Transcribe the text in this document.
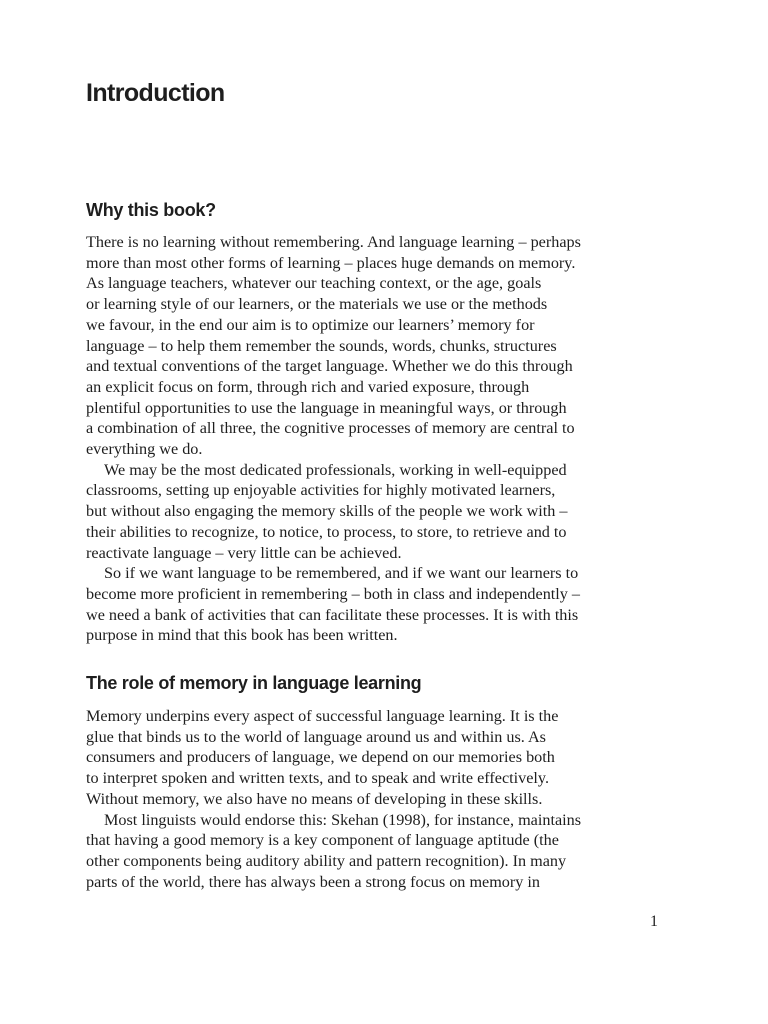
Introduction
Why this book?
There is no learning without remembering. And language learning – perhaps
more than most other forms of learning – places huge demands on memory.
As language teachers, whatever our teaching context, or the age, goals
or learning style of our learners, or the materials we use or the methods
we favour, in the end our aim is to optimize our learners’ memory for
language – to help them remember the sounds, words, chunks, structures
and textual conventions of the target language. Whether we do this through
an explicit focus on form, through rich and varied exposure, through
plentiful opportunities to use the language in meaningful ways, or through
a combination of all three, the cognitive processes of memory are central to
everything we do.
We may be the most dedicated professionals, working in well-equipped
classrooms, setting up enjoyable activities for highly motivated learners,
but without also engaging the memory skills of the people we work with –
their abilities to recognize, to notice, to process, to store, to retrieve and to
reactivate language – very little can be achieved.
So if we want language to be remembered, and if we want our learners to
become more proficient in remembering – both in class and independently –
we need a bank of activities that can facilitate these processes. It is with this
purpose in mind that this book has been written.
The role of memory in language learning
Memory underpins every aspect of successful language learning. It is the
glue that binds us to the world of language around us and within us. As
consumers and producers of language, we depend on our memories both
to interpret spoken and written texts, and to speak and write effectively.
Without memory, we also have no means of developing in these skills.
Most linguists would endorse this: Skehan (1998), for instance, maintains
that having a good memory is a key component of language aptitude (the
other components being auditory ability and pattern recognition). In many
parts of the world, there has always been a strong focus on memory in
1
